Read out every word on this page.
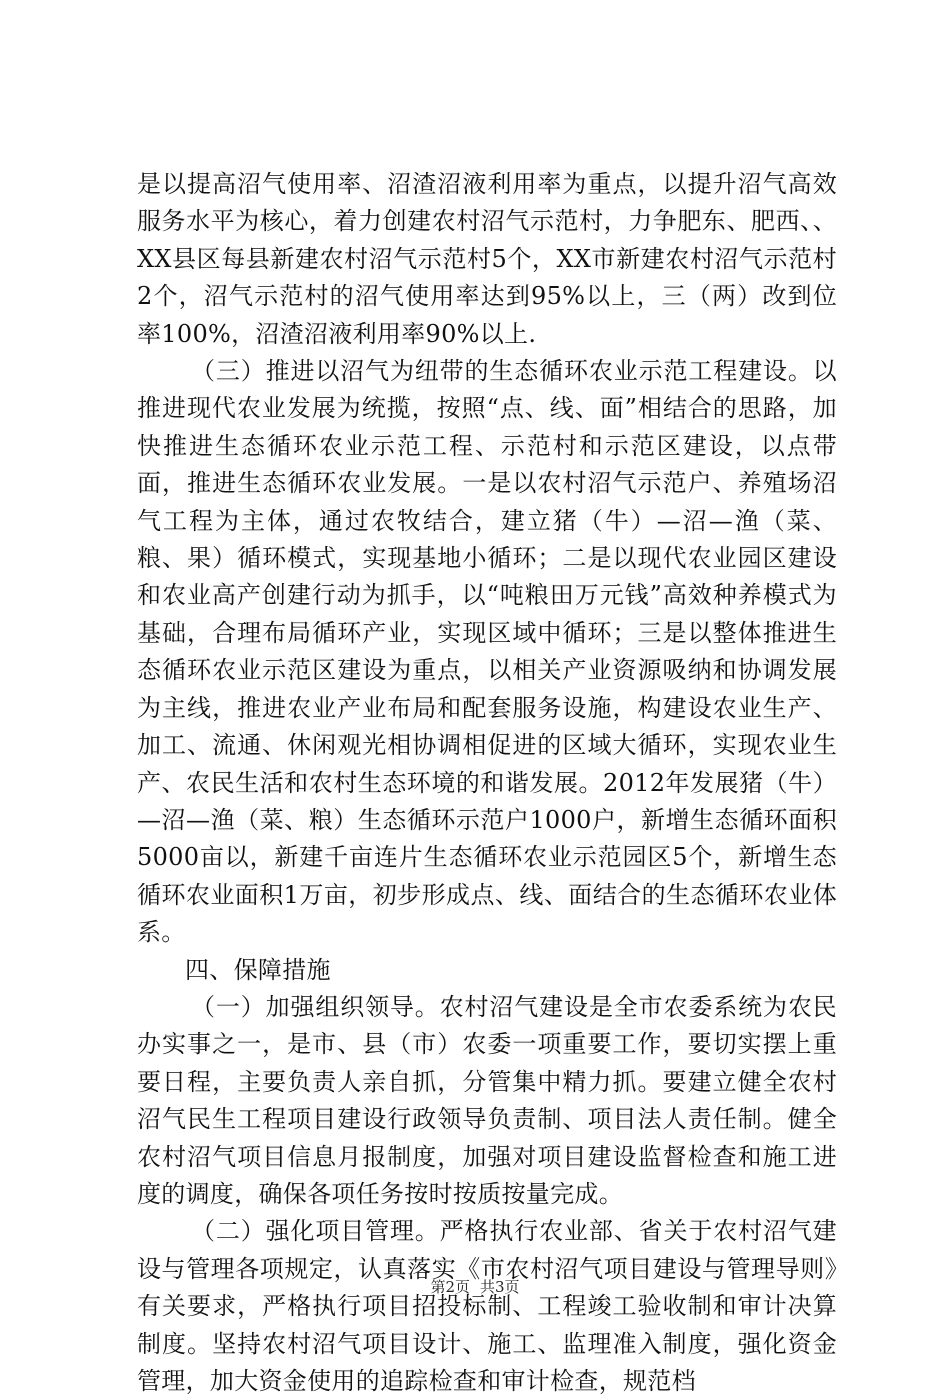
是以提高沼气使用率、沼渣沼液利用率为重点，以提升沼气高效服务水平为核心，着力创建农村沼气示范村，力争肥东、肥西、、XX县区每县新建农村沼气示范村5个，XX市新建农村沼气示范村2个，沼气示范村的沼气使用率达到95%以上，三（两）改到位率100%，沼渣沼液利用率90%以上.

（三）推进以沼气为纽带的生态循环农业示范工程建设。以推进现代农业发展为统揽，按照“点、线、面”相结合的思路，加快推进生态循环农业示范工程、示范村和示范区建设，以点带面，推进生态循环农业发展。一是以农村沼气示范户、养殖场沼气工程为主体，通过农牧结合，建立猪（牛）—沼—渔（菜、粮、果）循环模式，实现基地小循环；二是以现代农业园区建设和农业高产创建行动为抓手，以“吨粮田万元钱”高效种养模式为基础，合理布局循环产业，实现区域中循环；三是以整体推进生态循环农业示范区建设为重点，以相关产业资源吸纳和协调发展为主线，推进农业产业布局和配套服务设施，构建设农业生产、加工、流通、休闲观光相协调相促进的区域大循环，实现农业生产、农民生活和农村生态环境的和谐发展。2012年发展猪（牛）—沼—渔（菜、粮）生态循环示范户1000户，新增生态循环面积5000亩以，新建千亩连片生态循环农业示范园区5个，新增生态循环农业面积1万亩，初步形成点、线、面结合的生态循环农业体系。

四、保障措施

（一）加强组织领导。农村沼气建设是全市农委系统为农民办实事之一，是市、县（市）农委一项重要工作，要切实摆上重要日程，主要负责人亲自抓，分管集中精力抓。要建立健全农村沼气民生工程项目建设行政领导负责制、项目法人责任制。健全农村沼气项目信息月报制度，加强对项目建设监督检查和施工进度的调度，确保各项任务按时按质按量完成。

（二）强化项目管理。严格执行农业部、省关于农村沼气建设与管理各项规定，认真落实《市农村沼气项目建设与管理导则》有关要求，严格执行项目招投标制、工程竣工验收制和审计决算制度。坚持农村沼气项目设计、施工、监理准入制度，强化资金管理，加大资金使用的追踪检查和审计检查，规范档

第2页 共3页
